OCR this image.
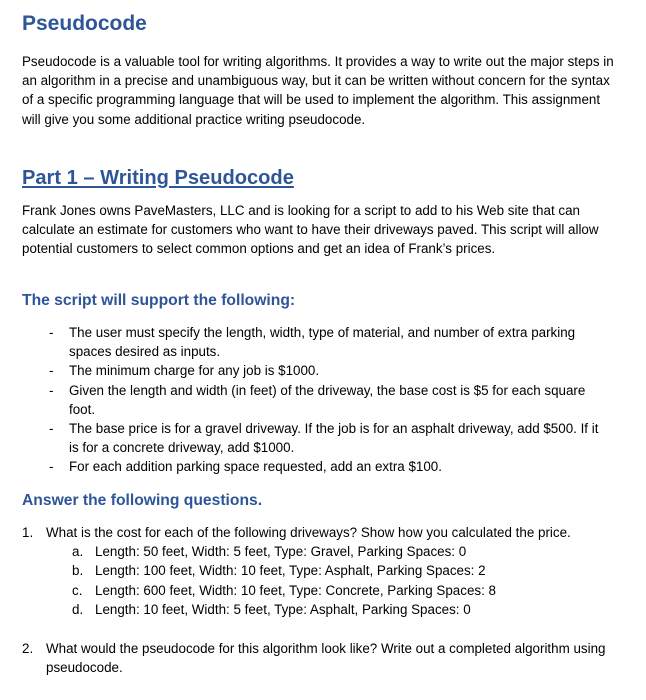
Pseudocode

Pseudocode is a valuable tool for writing algorithms. It provides a way to write out the major steps in an algorithm in a precise and unambiguous way, but it can be written without concern for the syntax of a specific programming language that will be used to implement the algorithm. This assignment will give you some additional practice writing pseudocode.

Part 1 – Writing Pseudocode

Frank Jones owns PaveMasters, LLC and is looking for a script to add to his Web site that can calculate an estimate for customers who want to have their driveways paved. This script will allow potential customers to select common options and get an idea of Frank’s prices.

The script will support the following:
- The user must specify the length, width, type of material, and number of extra parking spaces desired as inputs.
- The minimum charge for any job is $1000.
- Given the length and width (in feet) of the driveway, the base cost is $5 for each square foot.
- The base price is for a gravel driveway. If the job is for an asphalt driveway, add $500. If it is for a concrete driveway, add $1000.
- For each addition parking space requested, add an extra $100.
Answer the following questions.
1. What is the cost for each of the following driveways? Show how you calculated the price.
a. Length: 50 feet, Width: 5 feet, Type: Gravel, Parking Spaces: 0
b. Length: 100 feet, Width: 10 feet, Type: Asphalt, Parking Spaces: 2
c. Length: 600 feet, Width: 10 feet, Type: Concrete, Parking Spaces: 8
d. Length: 10 feet, Width: 5 feet, Type: Asphalt, Parking Spaces: 0
2. What would the pseudocode for this algorithm look like? Write out a completed algorithm using pseudocode.
